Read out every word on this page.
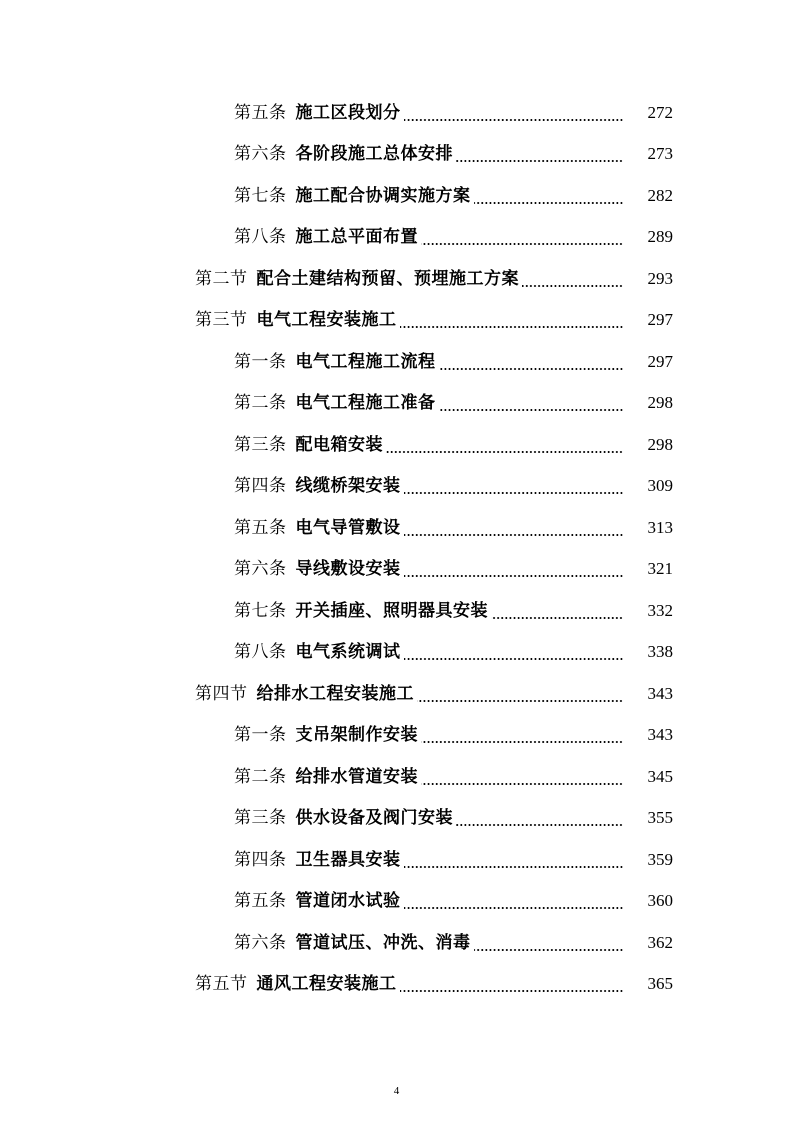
第五条 施工区段划分	272
第六条 各阶段施工总体安排	273
第七条 施工配合协调实施方案	282
第八条 施工总平面布置	289
第二节 配合土建结构预留、预埋施工方案	293
第三节 电气工程安装施工	297
第一条 电气工程施工流程	297
第二条 电气工程施工准备	298
第三条 配电箱安装	298
第四条 线缆桥架安装	309
第五条 电气导管敷设	313
第六条 导线敷设安装	321
第七条 开关插座、照明器具安装	332
第八条 电气系统调试	338
第四节 给排水工程安装施工	343
第一条 支吊架制作安装	343
第二条 给排水管道安装	345
第三条 供水设备及阀门安装	355
第四条 卫生器具安装	359
第五条 管道闭水试验	360
第六条 管道试压、冲洗、消毒	362
第五节 通风工程安装施工	365
4
